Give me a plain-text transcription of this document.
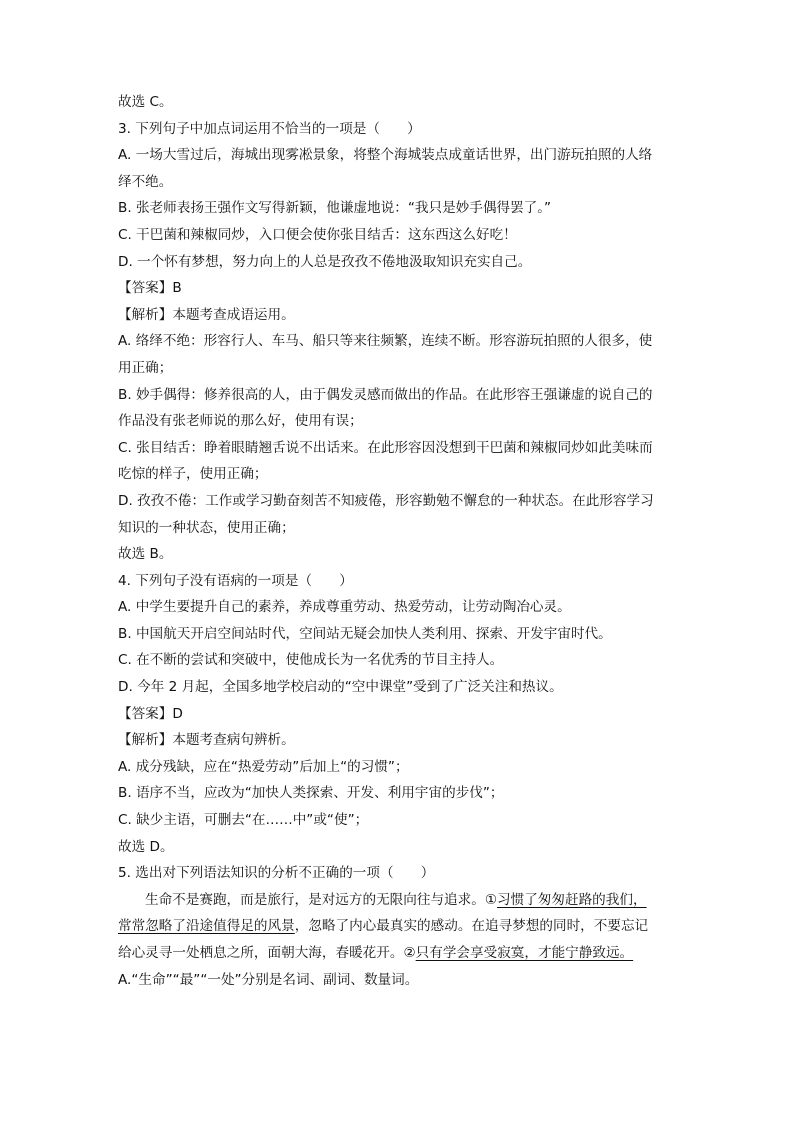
故选 C。
3. 下列句子中加点词运用不恰当的一项是（　　）
A. 一场大雪过后，海城出现雾凇景象，将整个海城装点成童话世界，出门游玩拍照的人络
绎不绝。
B. 张老师表扬王强作文写得新颖，他谦虚地说：“我只是妙手偶得罢了。”
C. 干巴菌和辣椒同炒，入口便会使你张目结舌：这东西这么好吃！
D. 一个怀有梦想，努力向上的人总是孜孜不倦地汲取知识充实自己。
【答案】B
【解析】本题考查成语运用。
A. 络绎不绝：形容行人、车马、船只等来往频繁，连续不断。形容游玩拍照的人很多，使
用正确；
B. 妙手偶得：修养很高的人，由于偶发灵感而做出的作品。在此形容王强谦虚的说自己的
作品没有张老师说的那么好，使用有误；
C. 张目结舌：睁着眼睛翘舌说不出话来。在此形容因没想到干巴菌和辣椒同炒如此美味而
吃惊的样子，使用正确；
D. 孜孜不倦：工作或学习勤奋刻苦不知疲倦，形容勤勉不懈怠的一种状态。在此形容学习
知识的一种状态，使用正确；
故选 B。
4. 下列句子没有语病的一项是（　　）
A. 中学生要提升自己的素养，养成尊重劳动、热爱劳动，让劳动陶冶心灵。
B. 中国航天开启空间站时代，空间站无疑会加快人类利用、探索、开发宇宙时代。
C. 在不断的尝试和突破中，使他成长为一名优秀的节目主持人。
D. 今年 2 月起，全国多地学校启动的“空中课堂”受到了广泛关注和热议。
【答案】D
【解析】本题考查病句辨析。
A. 成分残缺，应在“热爱劳动”后加上“的习惯”；
B. 语序不当，应改为“加快人类探索、开发、利用宇宙的步伐”；
C. 缺少主语，可删去“在……中”或“使”；
故选 D。
5. 选出对下列语法知识的分析不正确的一项（　　）
生命不是赛跑，而是旅行，是对远方的无限向往与追求。①习惯了匆匆赶路的我们，
常常忽略了沿途值得足的风景，忽略了内心最真实的感动。在追寻梦想的同时，不要忘记
给心灵寻一处栖息之所，面朝大海，春暖花开。②只有学会享受寂寞，才能宁静致远。
A.“生命”“最”“一处”分别是名词、副词、数量词。
